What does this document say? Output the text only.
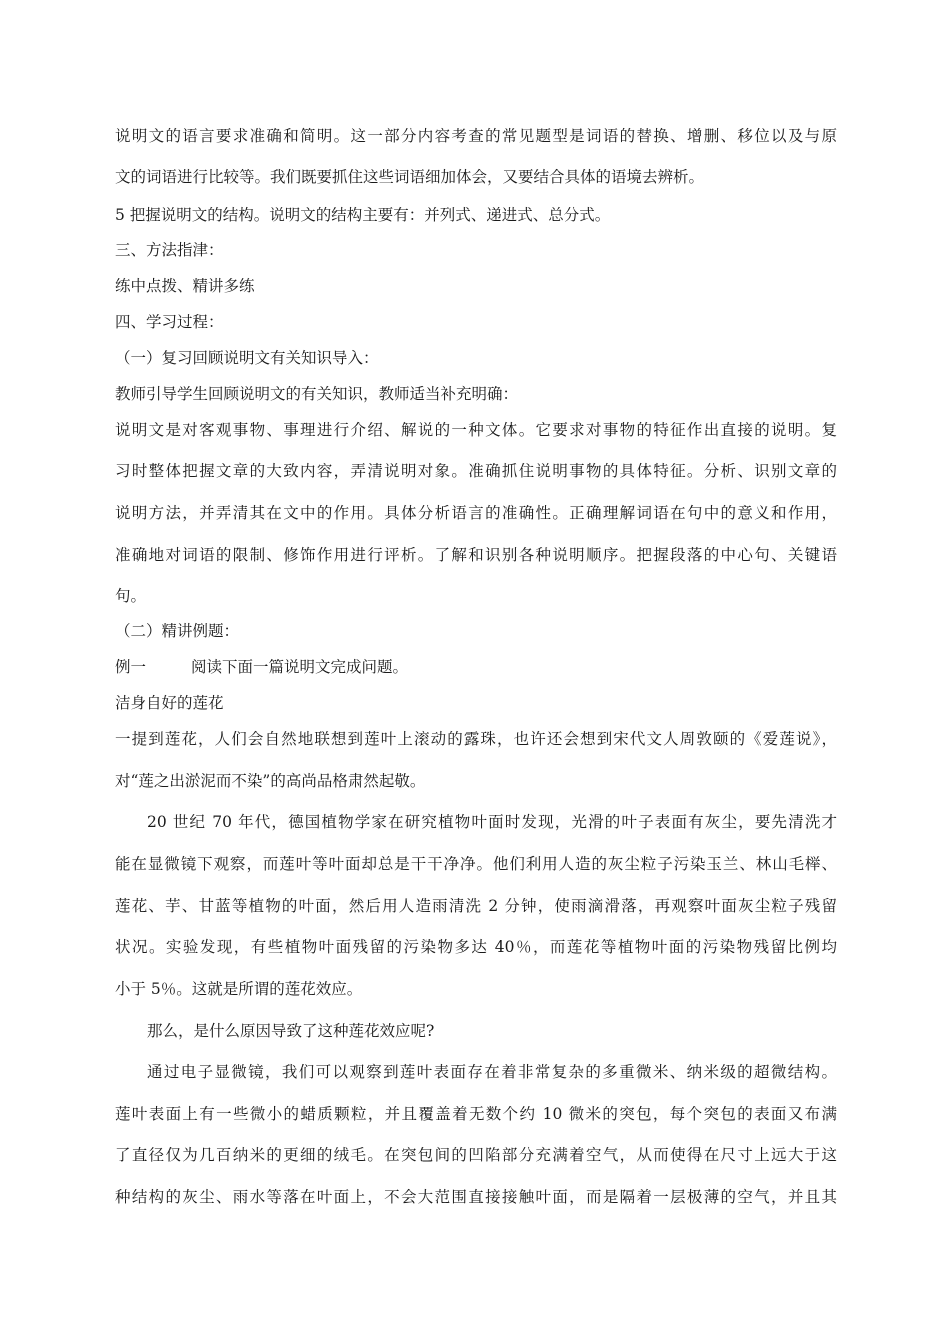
说明文的语言要求准确和简明。这一部分内容考查的常见题型是词语的替换、增删、移位以及与原
文的词语进行比较等。我们既要抓住这些词语细加体会，又要结合具体的语境去辨析。
5 把握说明文的结构。说明文的结构主要有：并列式、递进式、总分式。
三、方法指津：
练中点拨、精讲多练
四、学习过程：
（一）复习回顾说明文有关知识导入：
教师引导学生回顾说明文的有关知识，教师适当补充明确：
说明文是对客观事物、事理进行介绍、解说的一种文体。它要求对事物的特征作出直接的说明。复
习时整体把握文章的大致内容，弄清说明对象。准确抓住说明事物的具体特征。分析、识别文章的
说明方法，并弄清其在文中的作用。具体分析语言的准确性。正确理解词语在句中的意义和作用，
准确地对词语的限制、修饰作用进行评析。了解和识别各种说明顺序。把握段落的中心句、关键语
句。
（二）精讲例题：
例一	阅读下面一篇说明文完成问题。
洁身自好的莲花
一提到莲花，人们会自然地联想到莲叶上滚动的露珠，也许还会想到宋代文人周敦颐的《爱莲说》，
对“莲之出淤泥而不染”的高尚品格肃然起敬。
20 世纪 70 年代，德国植物学家在研究植物叶面时发现，光滑的叶子表面有灰尘，要先清洗才
能在显微镜下观察，而莲叶等叶面却总是干干净净。他们利用人造的灰尘粒子污染玉兰、林山毛榉、
莲花、芋、甘蓝等植物的叶面，然后用人造雨清洗 2 分钟，使雨滴滑落，再观察叶面灰尘粒子残留
状况。实验发现，有些植物叶面残留的污染物多达 40％，而莲花等植物叶面的污染物残留比例均
小于 5％。这就是所谓的莲花效应。
那么，是什么原因导致了这种莲花效应呢?
通过电子显微镜，我们可以观察到莲叶表面存在着非常复杂的多重微米、纳米级的超微结构。
莲叶表面上有一些微小的蜡质颗粒，并且覆盖着无数个约 10 微米的突包，每个突包的表面又布满
了直径仅为几百纳米的更细的绒毛。在突包间的凹陷部分充满着空气，从而使得在尺寸上远大于这
种结构的灰尘、雨水等落在叶面上，不会大范围直接接触叶面，而是隔着一层极薄的空气，并且其
